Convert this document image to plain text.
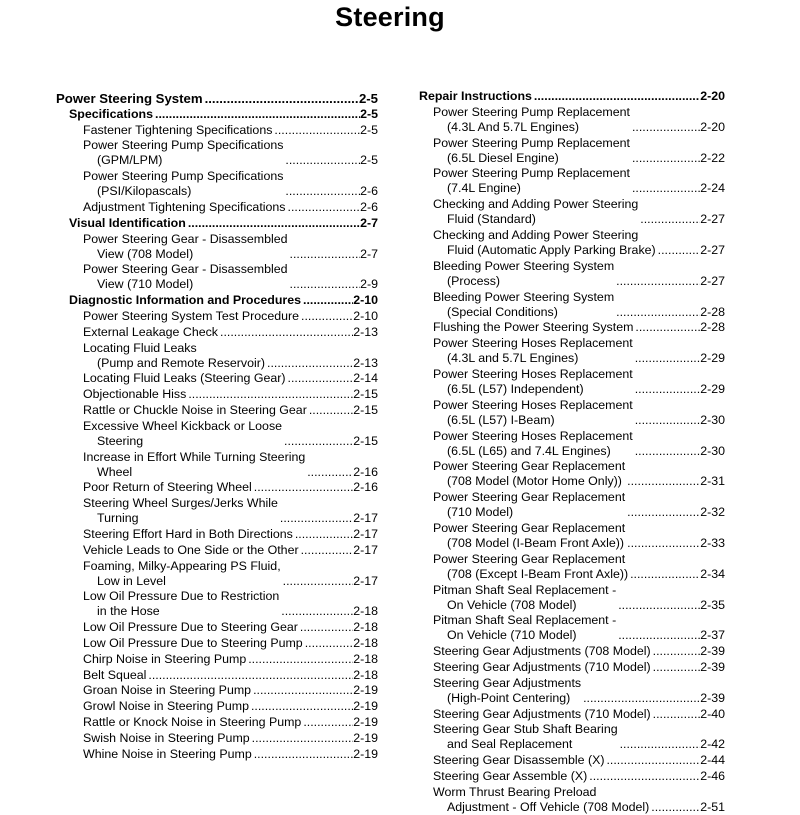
Steering
Power Steering System .....	2-5
Specifications .....	2-5
Fastener Tightening Specifications .....	2-5
Power Steering Pump Specifications
(GPM/LPM) .....	2-5
Power Steering Pump Specifications
(PSI/Kilopascals) .....	2-6
Adjustment Tightening Specifications .....	2-6
Visual Identification .....	2-7
Power Steering Gear - Disassembled
View (708 Model) .....	2-7
Power Steering Gear - Disassembled
View (710 Model) .....	2-9
Diagnostic Information and Procedures .....	2-10
Power Steering System Test Procedure .....	2-10
External Leakage Check .....	2-13
Locating Fluid Leaks
(Pump and Remote Reservoir) .....	2-13
Locating Fluid Leaks (Steering Gear) .....	2-14
Objectionable Hiss .....	2-15
Rattle or Chuckle Noise in Steering Gear .....	2-15
Excessive Wheel Kickback or Loose
Steering .....	2-15
Increase in Effort While Turning Steering
Wheel .....	2-16
Poor Return of Steering Wheel .....	2-16
Steering Wheel Surges/Jerks While
Turning .....	2-17
Steering Effort Hard in Both Directions .....	2-17
Vehicle Leads to One Side or the Other .....	2-17
Foaming, Milky-Appearing PS Fluid,
Low in Level .....	2-17
Low Oil Pressure Due to Restriction
in the Hose .....	2-18
Low Oil Pressure Due to Steering Gear .....	2-18
Low Oil Pressure Due to Steering Pump .....	2-18
Chirp Noise in Steering Pump .....	2-18
Belt Squeal .....	2-18
Groan Noise in Steering Pump .....	2-19
Growl Noise in Steering Pump .....	2-19
Rattle or Knock Noise in Steering Pump .....	2-19
Swish Noise in Steering Pump .....	2-19
Whine Noise in Steering Pump .....	2-19
Repair Instructions .....	2-20
Power Steering Pump Replacement
(4.3L And 5.7L Engines) .....	2-20
Power Steering Pump Replacement
(6.5L Diesel Engine) .....	2-22
Power Steering Pump Replacement
(7.4L Engine) .....	2-24
Checking and Adding Power Steering
Fluid (Standard) .....	2-27
Checking and Adding Power Steering
Fluid (Automatic Apply Parking Brake) .....	2-27
Bleeding Power Steering System
(Process) .....	2-27
Bleeding Power Steering System
(Special Conditions) .....	2-28
Flushing the Power Steering System .....	2-28
Power Steering Hoses Replacement
(4.3L and 5.7L Engines) .....	2-29
Power Steering Hoses Replacement
(6.5L (L57) Independent) .....	2-29
Power Steering Hoses Replacement
(6.5L (L57) I-Beam) .....	2-30
Power Steering Hoses Replacement
(6.5L (L65) and 7.4L Engines) .....	2-30
Power Steering Gear Replacement
(708 Model (Motor Home Only)) .....	2-31
Power Steering Gear Replacement
(710 Model) .....	2-32
Power Steering Gear Replacement
(708 Model (I-Beam Front Axle)) .....	2-33
Power Steering Gear Replacement
(708 (Except I-Beam Front Axle)) .....	2-34
Pitman Shaft Seal Replacement -
On Vehicle (708 Model) .....	2-35
Pitman Shaft Seal Replacement -
On Vehicle (710 Model) .....	2-37
Steering Gear Adjustments (708 Model) .....	2-39
Steering Gear Adjustments (710 Model) .....	2-39
Steering Gear Adjustments
(High-Point Centering) .....	2-39
Steering Gear Adjustments (710 Model) .....	2-40
Steering Gear Stub Shaft Bearing
and Seal Replacement .....	2-42
Steering Gear Disassemble (X) .....	2-44
Steering Gear Assemble (X) .....	2-46
Worm Thrust Bearing Preload
Adjustment - Off Vehicle (708 Model) .....	2-51
